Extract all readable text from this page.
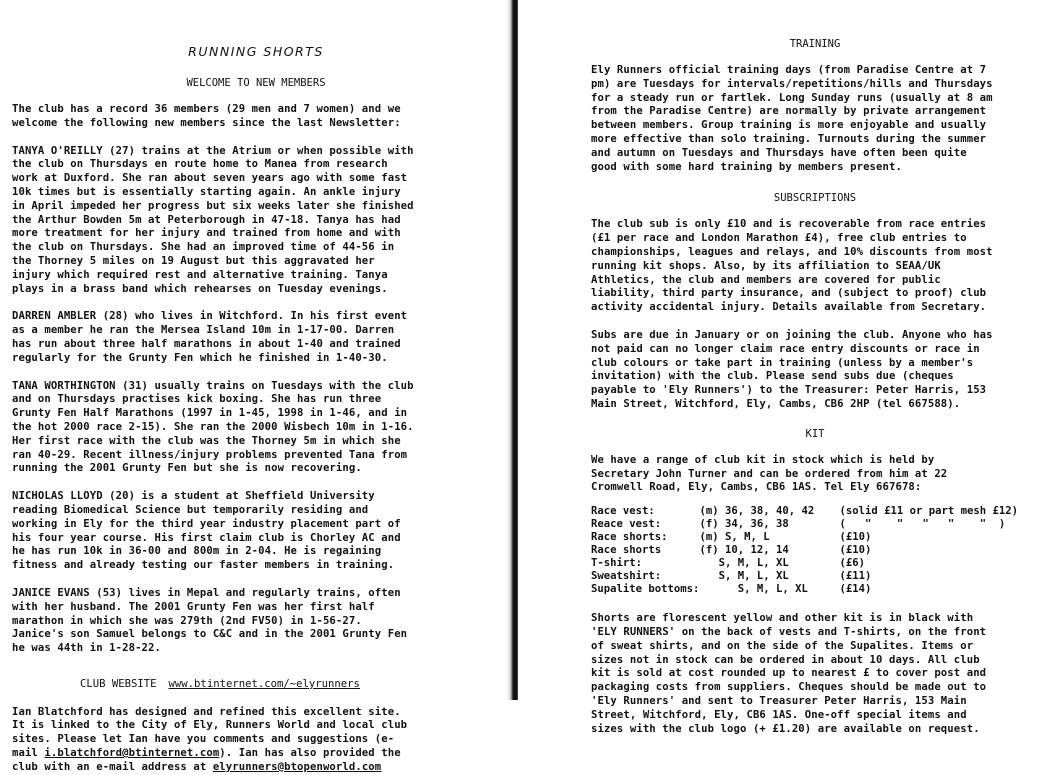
RUNNING SHORTS

WELCOME TO NEW MEMBERS

The club has a record 36 members (29 men and 7 women) and we
welcome the following new members since the last Newsletter:

TANYA O'REILLY (27) trains at the Atrium or when possible with
the club on Thursdays en route home to Manea from research
work at Duxford. She ran about seven years ago with some fast
10k times but is essentially starting again. An ankle injury
in April impeded her progress but six weeks later she finished
the Arthur Bowden 5m at Peterborough in 47-18. Tanya has had
more treatment for her injury and trained from home and with
the club on Thursdays. She had an improved time of 44-56 in
the Thorney 5 miles on 19 August but this aggravated her
injury which required rest and alternative training. Tanya
plays in a brass band which rehearses on Tuesday evenings.

DARREN AMBLER (28) who lives in Witchford. In his first event
as a member he ran the Mersea Island 10m in 1-17-00. Darren
has run about three half marathons in about 1-40 and trained
regularly for the Grunty Fen which he finished in 1-40-30.

TANA WORTHINGTON (31) usually trains on Tuesdays with the club
and on Thursdays practises kick boxing. She has run three
Grunty Fen Half Marathons (1997 in 1-45, 1998 in 1-46, and in
the hot 2000 race 2-15). She ran the 2000 Wisbech 10m in 1-16.
Her first race with the club was the Thorney 5m in which she
ran 40-29. Recent illness/injury problems prevented Tana from
running the 2001 Grunty Fen but she is now recovering.

NICHOLAS LLOYD (20) is a student at Sheffield University
reading Biomedical Science but temporarily residing and
working in Ely for the third year industry placement part of
his four year course. His first claim club is Chorley AC and
he has run 10k in 36-00 and 800m in 2-04. He is regaining
fitness and already testing our faster members in training.

JANICE EVANS (53) lives in Mepal and regularly trains, often
with her husband. The 2001 Grunty Fen was her first half
marathon in which she was 279th (2nd FV50) in 1-56-27.
Janice's son Samuel belongs to C&C and in the 2001 Grunty Fen
he was 44th in 1-28-22.

CLUB WEBSITE www.btinternet.com/~elyrunners

Ian Blatchford has designed and refined this excellent site.
It is linked to the City of Ely, Runners World and local club
sites. Please let Ian have you comments and suggestions (e-
mail i.blatchford@btinternet.com). Ian has also provided the
club with an e-mail address at elyrunners@btopenworld.com

TRAINING

Ely Runners official training days (from Paradise Centre at 7
pm) are Tuesdays for intervals/repetitions/hills and Thursdays
for a steady run or fartlek. Long Sunday runs (usually at 8 am
from the Paradise Centre) are normally by private arrangement
between members. Group training is more enjoyable and usually
more effective than solo training. Turnouts during the summer
and autumn on Tuesdays and Thursdays have often been quite
good with some hard training by members present.

SUBSCRIPTIONS

The club sub is only £10 and is recoverable from race entries
(£1 per race and London Marathon £4), free club entries to
championships, leagues and relays, and 10% discounts from most
running kit shops. Also, by its affiliation to SEAA/UK
Athletics, the club and members are covered for public
liability, third party insurance, and (subject to proof) club
activity accidental injury. Details available from Secretary.

Subs are due in January or on joining the club. Anyone who has
not paid can no longer claim race entry discounts or race in
club colours or take part in training (unless by a member's
invitation) with the club. Please send subs due (cheques
payable to 'Ely Runners') to the Treasurer: Peter Harris, 153
Main Street, Witchford, Ely, Cambs, CB6 2HP (tel 667588).

KIT

We have a range of club kit in stock which is held by
Secretary John Turner and can be ordered from him at 22
Cromwell Road, Ely, Cambs, CB6 1AS. Tel Ely 667678:

Race vest:	(m) 36, 38, 40, 42	(solid £11 or part mesh £12)
Reace vest:	(f) 34, 36, 38	(   "    "   "   "    "  )
Race shorts:	(m) S, M, L	(£10)
Race shorts	(f) 10, 12, 14	(£10)
T-shirt:	S, M, L, XL	(£6)
Sweatshirt:	S, M, L, XL	(£11)
Supalite bottoms:	S, M, L, XL	(£14)

Shorts are florescent yellow and other kit is in black with
'ELY RUNNERS' on the back of vests and T-shirts, on the front
of sweat shirts, and on the side of the Supalites. Items or
sizes not in stock can be ordered in about 10 days. All club
kit is sold at cost rounded up to nearest £ to cover post and
packaging costs from suppliers. Cheques should be made out to
'Ely Runners' and sent to Treasurer Peter Harris, 153 Main
Street, Witchford, Ely, CB6 1AS. One-off special items and
sizes with the club logo (+ £1.20) are available on request.
